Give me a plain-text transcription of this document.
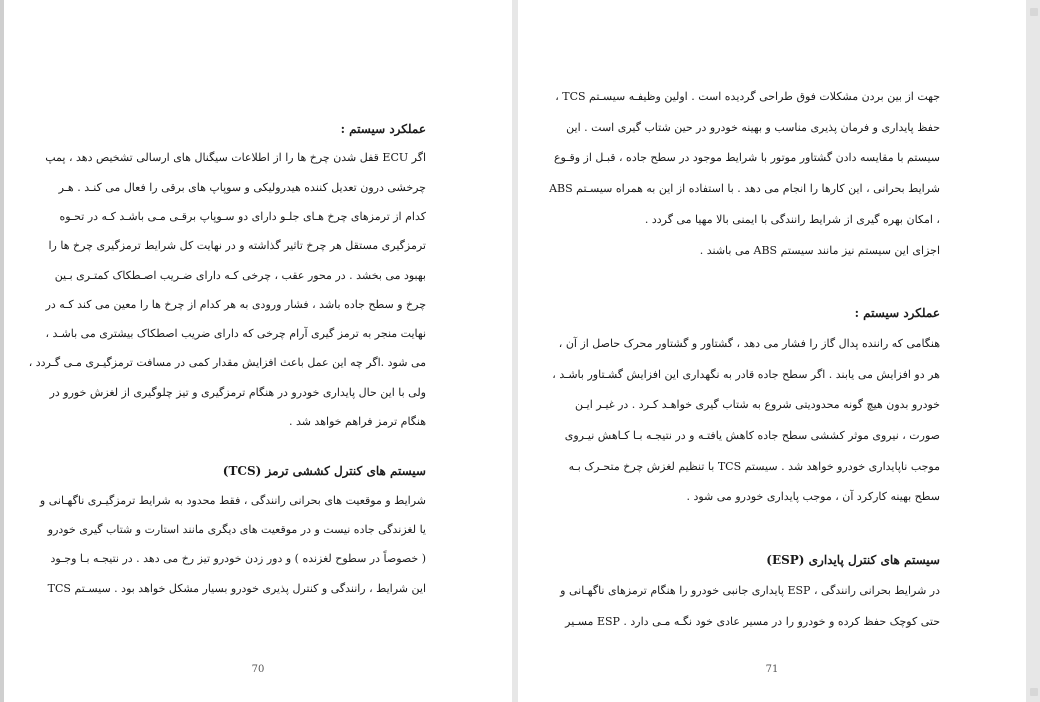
عملکرد سیستم :
اگر ECU قفل شدن چرخ ها را از اطلاعات سیگنال های ارسالی تشخیص دهد ، پمپ
چرخشی درون تعدیل کننده هیدرولیکی و سوپاپ های برقی را فعال می کنـد . هـر
کدام از ترمزهای چرخ هـای جلـو دارای دو سـوپاپ برقـی مـی باشـد کـه در تحـوه
ترمزگیری مستقل هر چرخ تاثیر گذاشته و در نهایت کل شرایط ترمزگیری چرخ ها را
بهبود می بخشد . در محور عقب ، چرخی کـه دارای ضـریب اصـطکاک کمتـری بـین
چرخ و سطح جاده باشد ، فشار ورودی به هر کدام از چرخ ها را معین می کند کـه در
نهایت منجر به ترمز گیری آرام چرخی که دارای ضریب اصطکاک بیشتری می باشـد ،
می شود .اگر چه این عمل باعث افزایش مقدار کمی در مسافت ترمزگیـری مـی گـردد ،
ولی با این حال پایداری خودرو در هنگام ترمزگیری و تیز چلوگیری از لغزش خورو در
هنگام ترمز فراهم خواهد شد .
سیستم های کنترل کششی ترمز (TCS)
شرایط و موقعیت های بحرانی رانندگی ، فقط محدود به شرایط ترمزگیـری ناگهـانی و
یا لغزندگی جاده نیست و در موقعیت های دیگری مانند استارت و شتاب گیری خودرو
( خصوصاً در سطوح لغزنده ) و دور زدن خودرو تیز رخ می دهد . در نتیجـه بـا وجـود
این شرایط ، رانندگی و کنترل پذیری خودرو بسیار مشکل خواهد بود . سیسـتم TCS
70
جهت از بین بردن مشکلات فوق طراحی گردیده است . اولین وظیفـه سیسـتم TCS ،
حفظ پایداری و فرمان پذیری مناسب و بهینه خودرو در حین شتاب گیری است . این
سیستم با مقایسه دادن گشتاور موتور با شرایط موجود در سطح جاده ، قبـل از وقـوع
شرایط بحرانی ، این کارها را انجام می دهد . با استفاده از این به همراه سیسـتم ABS
، امکان بهره گیری از شرایط رانندگی با ایمنی بالا مهیا می گردد .
اجزای این سیستم نیز مانند سیستم ABS می باشند .
عملکرد سیستم :
هنگامی که راننده پدال گاز را فشار می دهد ، گشتاور و گشتاور محرک حاصل از آن ،
هر دو افزایش می یابند . اگر سطح جاده قادر به نگهداری این افزایش گشـتاور باشـد ،
خودرو بدون هیچ گونه محدودیتی شروع به شتاب گیری خواهـد کـرد . در غیـر ایـن
صورت ، نیروی موثر کششی سطح جاده کاهش یافتـه و در نتیجـه بـا کـاهش نیـروی
موجب ناپایداری خودرو خواهد شد . سیستم TCS با تنظیم لغزش چرخ متحـرک بـه
سطح بهینه کارکرد آن ، موجب پایداری خودرو می شود .
سیستم های کنترل پایداری (ESP)
در شرایط بحرانی رانندگی ، ESP پایداری جانبی خودرو را هنگام ترمزهای ناگهـانی و
حتی کوچک حفظ کرده و خودرو را در مسیر عادی خود نگـه مـی دارد . ESP مسـیر
71
